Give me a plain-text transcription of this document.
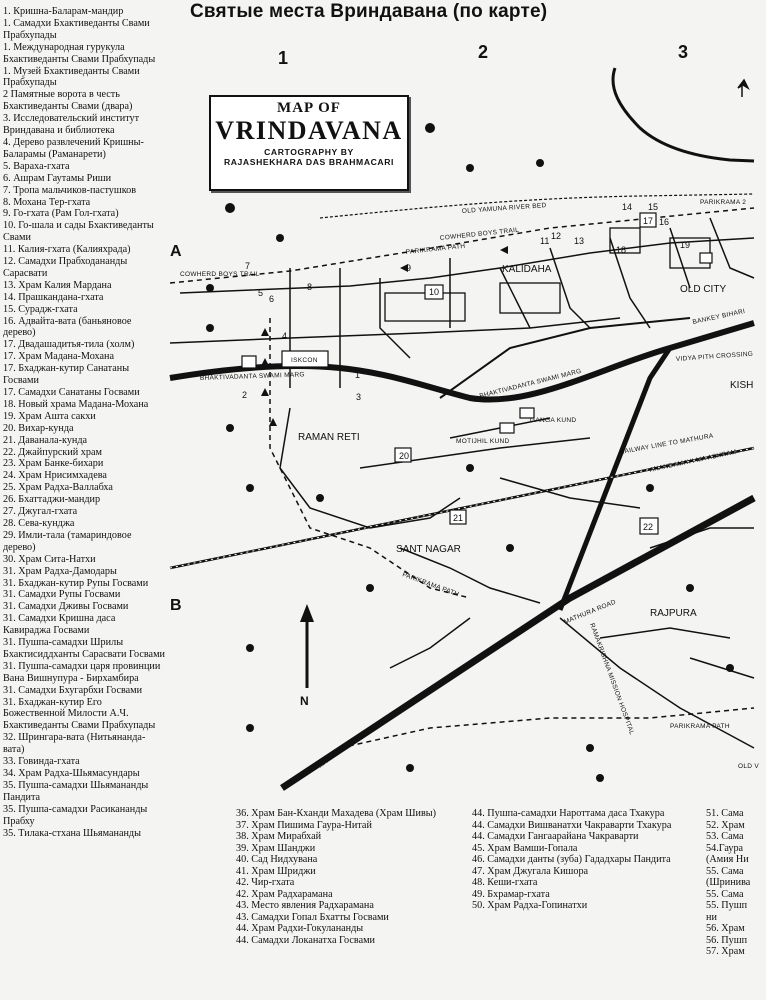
Святые места Вриндавана (по карте)
1. Кришна-Баларам-мандир
1. Самадхи Бхактиведанты Свами Прабхупады
1. Международная гурукула Бхактиведанты Свами Прабхупады
1. Музей Бхактиведанты Свами Прабхупады
2 Памятные ворота в честь Бхактиведанты Свами (двара)
3. Исследовательский институт Вриндавана и библиотека
4. Дерево развлечений Кришны-Баларамы (Раманарети)
5. Вараха-гхата
6. Ашрам Гаутамы Риши
7. Тропа мальчиков-пастушков
8. Мохана Тер-гхата
9. Го-гхата (Рам Гол-гхата)
10. Го-шала и сады Бхактиведанты Свами
11. Калия-гхата (Калияхрада)
12. Самадхи Прабходананды Сарасвати
13. Храм Калия Мардана
14. Прашкандана-гхата
15. Сурадж-гхата
16. Адвайта-вата (баньяновое дерево)
17. Двадашадитья-тила (холм)
17. Храм Мадана-Мохана
17. Бхаджан-кутир Санатаны Госвами
17. Самадхи Санатаны Госвами
18. Новый храма Мадана-Мохана
19. Храм Ашта сакхи
20. Вихар-кунда
21. Даванала-кунда
22. Джайпурский храм
23. Храм Банке-бихари
24. Храм Нрисимхадева
25. Храм Радха-Валлабха
26. Бхаттаджи-мандир
27. Джугал-гхата
28. Сева-кунджа
29. Имли-тала (тамариндовое дерево)
30. Храм Сита-Натхи
31. Храм Радха-Дамодары
31. Бхаджан-кутир Рупы Госвами
31. Самадхи Рупы Госвами
31. Самадхи Дживы Госвами
31. Самадхи Кришна даса Кавираджа Госвами
31. Пушпа-самадхи Шрилы Бхактисиддханты Сарасвати Госвами
31. Пушпа-самадхи царя провинции Вана Вишнупура - Бирхамбира
31. Самадхи Бхугарбхи Госвами
31. Бхаджан-кутир Его Божественной Милости А.Ч. Бхактиведанты Свами Прабхупады
32. Шрингара-вата (Нитьянанда-вата)
33. Говинда-гхата
34. Храм Радха-Шьямасундары
35. Пушпа-самадхи Шьямананды Пандита
35. Пушпа-самадхи Расикананды Прабху
35. Тилака-стхана Шьямананды
N
1	2	3
A
B
OLD YAMUNA RIVER BED
COWHERD BOYS TRAIL
COWHERD BOYS TRAIL
PARIKRAMA PATH
PARIKRAMA PATH
PARIKRAMA PATH
PARIKRAMA 2
KALIDAHA
OLD CITY
BANKEY BIHARI
VIDYA PITH CROSSING
KISH
ISKCON
BHAKTIVADANTA SWAMI MARG	BHAKTIVADANTA SWAMI MARG
RAMAN RETI	MOTIJHIL KUND
GANGA KUND
RAILWAY LINE TO MATHURA
ANANDAMAYI MA ASHRAM
SANT NAGAR
RAJPURA
MATHURA ROAD
MATHURA ROAD
RAMAKRISHNA MISSION HOSPITAL
OLD V
1
2	3
4
5
6
7
8
9
10
11 12 13
14 15
16
17
18	19
20
21
22
MAP OF
VRINDAVANA
CARTOGRAPHY BY
RAJASHEKHARA DAS BRAHMACARI
36. Храм Бан-Кханди Махадева (Храм Шивы)
37. Храм Пишима Гаура-Нитай
38. Храм Мирабхай
39. Храм Шанджи
40. Сад Нидхувана
41. Храм Шриджи
42. Чир-гхата
42. Храм Радхарамана
43. Место явления Радхарамана
43. Самадхи Гопал Бхатты Госвами
44. Храм Радхи-Гокулананды
44. Самадхи Локанатха Госвами
44. Пушпа-самадхи Нароттама даса Тхакура
44. Самадхи Вишванатхи Чакраварти Тхакура
44. Самадхи Гангаарайана Чакраварти
45. Храм Вамши-Гопала
46. Самадхи данты (зуба) Гададхары Пандита
47. Храм Джугала Кишора
48. Кеши-гхата
49. Бхрамар-гхата
50. Храм Радха-Гопинатхи
51. Сама
52. Храм
53. Сама
54.Гаура
(Амия Ни
55. Сама
(Шринива
55. Сама
55. Пушп
ни
56. Храм
56. Пушп
57. Храм
